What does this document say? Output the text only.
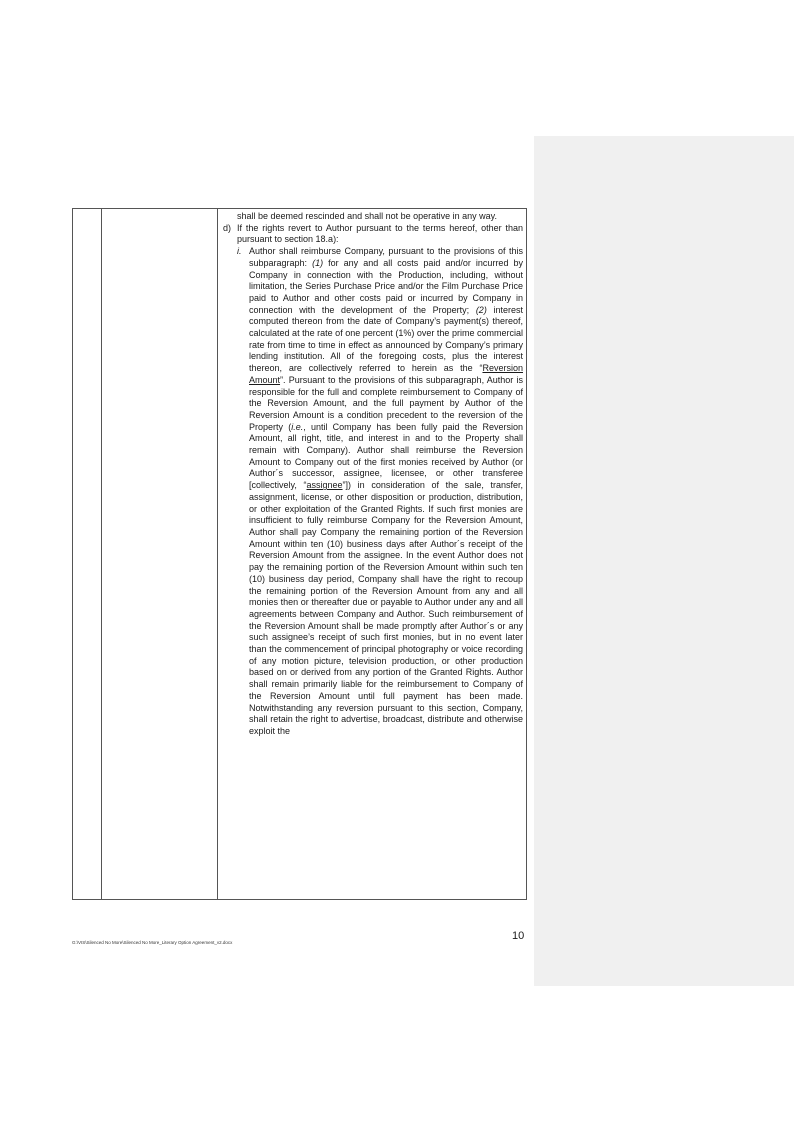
shall be deemed rescinded and shall not be operative in any way.

d) If the rights revert to Author pursuant to the terms hereof, other than pursuant to section 18.a):
i. Author shall reimburse Company, pursuant to the provisions of this subparagraph: (1) for any and all costs paid and/or incurred by Company in connection with the Production, including, without limitation, the Series Purchase Price and/or the Film Purchase Price paid to Author and other costs paid or incurred by Company in connection with the development of the Property; (2) interest computed thereon from the date of Company’s payment(s) thereof, calculated at the rate of one percent (1%) over the prime commercial rate from time to time in effect as announced by Company’s primary lending institution. All of the foregoing costs, plus the interest thereon, are collectively referred to herein as the “Reversion Amount”. Pursuant to the provisions of this subparagraph, Author is responsible for the full and complete reimbursement to Company of the Reversion Amount, and the full payment by Author of the Reversion Amount is a condition precedent to the reversion of the Property (i.e., until Company has been fully paid the Reversion Amount, all right, title, and interest in and to the Property shall remain with Company). Author shall reimburse the Reversion Amount to Company out of the first monies received by Author (or Author´s successor, assignee, licensee, or other transferee [collectively, “assignee”]) in consideration of the sale, transfer, assignment, license, or other disposition or production, distribution, or other exploitation of the Granted Rights. If such first monies are insufficient to fully reimburse Company for the Reversion Amount, Author shall pay Company the remaining portion of the Reversion Amount within ten (10) business days after Author´s receipt of the Reversion Amount from the assignee. In the event Author does not pay the remaining portion of the Reversion Amount within such ten (10) business day period, Company shall have the right to recoup the remaining portion of the Reversion Amount from any and all monies then or thereafter due or payable to Author under any and all agreements between Company and Author. Such reimbursement of the Reversion Amount shall be made promptly after Author´s or any such assignee’s receipt of such first monies, but in no event later than the commencement of principal photography or voice recording of any motion picture, television production, or other production based on or derived from any portion of the Granted Rights. Author shall remain primarily liable for the reimbursement to Company of the Reversion Amount until full payment has been made. Notwithstanding any reversion pursuant to this section, Company, shall retain the right to advertise, broadcast, distribute and otherwise exploit the
10
G:\VIS\Silenced No More\Silenced No More_Literary Option Agreement_v2.docx
